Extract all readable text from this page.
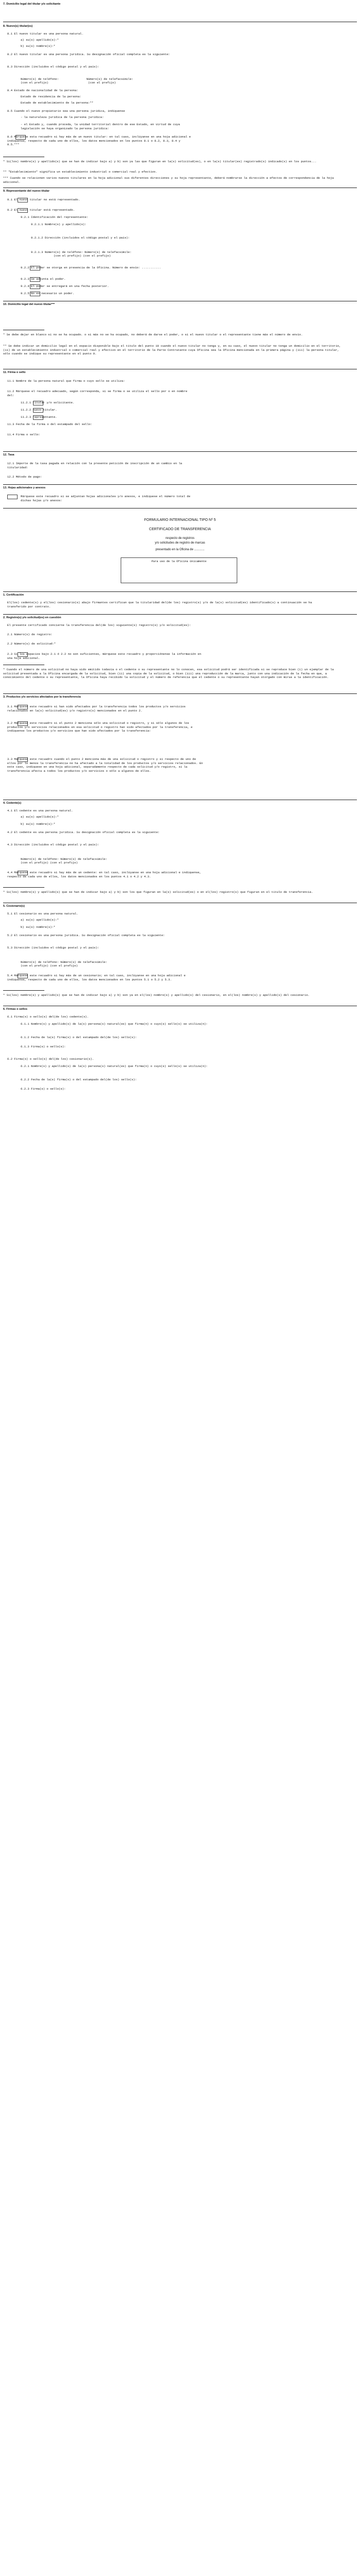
7. Domicilio legal del titular y/o solicitante
8. Nuevo(s) titular(es)
8.1 El nuevo titular es una persona natural.
a) su(s) apellido(s):*
b) su(s) nombre(s):*
8.2 El nuevo titular es una persona jurídica. Su designación oficial completa es la siguiente:
8.3 Dirección (incluidos el código postal y el país):
Número(s) de teléfono:                Número(s) de telefacsímile:
(con el prefijo)                       (con el prefijo)
8.4 Estado de nacionalidad de la persona:
Estado de residencia de la persona:
Estado de establecimiento de la persona:**
8.5 Cuando el nuevo propietario sea una persona jurídica, indíquense
- la naturaleza jurídica de la persona jurídica:
- el Estado y, cuando proceda, la unidad territorial dentro de ese Estado, en virtud de cuya legislación se haya organizado la persona jurídica:
8.6 Márquese esta recuadro si hay más de un nuevo titular: en tal caso, inclúyanse en una hoja adicional e indíquense, respecto de cada uno de ellos, los datos mencionados en los puntos 8.1 o 8.2, 8.3, 8.4 y 8.5.***
* Si(los) nombre(s) y apellido(s) que se han de indicar bajo a) y b) son ya las que figuran en la(s) solicitud(es), o en la(s) titular(es) registrado(s) indicado(s) en los puntos...
** "Establecimiento" significa un establecimiento industrial o comercial real y efectivo.
*** Cuando se relacionen varios nuevos titulares en la hoja adicional sus diferentes direcciones y su hoja representante, deberá nombrarse la dirección a efectos de correspondencia de la hoja adicional.
9. Representante del nuevo titular
9.1 El nuevo titular no está representado.
9.2 El nuevo titular está representado.
9.2.1 Identificación del representante:
9.2.1.1 Nombre(s) y apellido(s):
9.2.1.2 Dirección (incluidos el código postal y el país):
9.2.1.3 Número(s) de teléfono: Número(s) de telefacsímile:
(con el prefijo) (con el prefijo)
9.2.2 El poder se otorga en presencia de la Oficina. Número de envío: ...........
9.2.3 Se adjunta el poder.
9.2.4 El poder se entregará en una fecha posterior.
9.2.5 No es necesario un poder.
10. Domicilio legal del nuevo titular***
* Se debe dejar en blanco si no se ha ocupado. o si más no se ha ocupado, no deberá de darse el poder, o si el nuevo titular o el representante tiene más el número de envío.
** Se debe indicar un domicilio legal en el espacio disponible bajo el título del punto 10 cuando el nuevo titular no tenga y, en su caso, el nuevo titular no tenga un domicilio en el territorio, (ii) de un establecimiento industrial o comercial real y efectivo en el territorio de la Parte Contratante cuya Oficina sea la Oficina mencionada en la primera página y (iii) la persona titular, sólo cuando se indique su representante en el punto 9.
11. Firma o sello
11.1 Nombre de la persona natural que firma o cuyo sello se utiliza:
11.2 Márquese el recuadro adecuado, según corresponda, si se firma o se utiliza el sello por o en nombre del:
11.2.1 titular y/o solicitante.
11.2.2 nuevo titular.
11.2.3 representante.
11.3 Fecha de la firma o del estampado del sello:
11.4 Firma o sello:
12. Tasa
12.1 Importe de la tasa pagada en relación con la presente petición de inscripción de un cambio en la titularidad:
12.2 Método de pago:
13. Hojas adicionales y anexos
Márquese este recuadro si se adjuntan hojas adicionales y/o anexos, e indíquese el número total de dichas hojas y/o anexos:
FORMULARIO INTERNACIONAL TIPO Nº 5
CERTIFICADO DE TRANSFERENCIA
respecto de registros
y/o solicitudes de registro de marcas
presentado en la Oficina de ............
Para uso de la Oficina únicamente
1. Certificación
El(los) cedente(s) y el(los) cesionario(s) abajo firmantes certifican que la titularidad del(de los) registro(s) y/o de la(s) solicitud(es) identificado(s) a continuación se ha transferido por contrato.
2. Registro(s) y/o solicitud(es) en cuestión
El presente certificado concierne la transferencia del(de los) siguiente(s) registro(s) y/o solicitud(es):
2.1 Número(s) de registro:
2.2 Número(s) de solicitud:*
2.3 Si los espacios bajo 2.1 ó 2.2 no son suficientes, márquese este recuadro y proporciónense la información en una hoja adicional.
* Cuando el número de una solicitud no haya sido emitido todavía o el cedente o su representante no lo conocen, esa solicitud podrá ser identificada si se reproduce bien (i) un ejemplar de la solicitud presentada a la Oficina encargada de la solicitud, bien (ii) una copia de la solicitud, o bien (iii) una reproducción de la marca, junto con una indicación de la fecha en que, a conocimiento del cedente o su representante, la Oficina haya recibido la solicitud y el número de referencia que el cedente o su representante hayan otorgado con miras a la identificación.
3. Productos y/o servicios afectados por la transferencia
3.1 Márquese este recuadro si han sido afectados por la transferencia todos los productos y/o servicios relacionados en la(s) solicitud(es) y/o registro(s) mencionados en el punto 2.
3.2 Márquese este recuadro si el punto 2 menciona sólo una solicitud o registro, y si sólo algunos de los productos y/o servicios relacionados en esa solicitud o registro han sido afectados por la transferencia, e indíquense los productos y/o servicios que han sido afectados por la transferencia:
3.3 Márquese este recuadro cuando el punto 2 menciona más de una solicitud o registro y si respecto de uno de ellos por lo menos la transferencia no ha afectado a la totalidad de los productos y/o servicios relacionados. En este caso, indíquese en una hoja adicional, separadamente respecto de cada solicitud y/o registro, si la transferencia afecta a todos los productos y/o servicios o sólo a algunos de ellos.
4. Cedente(s)
4.1 El cedente es una persona natural.
a) su(s) apellido(s):*
b) su(s) nombre(s):*
4.2 El cedente es una persona jurídica. Su designación oficial completa es la siguiente:
4.3 Dirección (incluidos el código postal y el país):
Número(s) de teléfono: Número(s) de telefacsímile:
(con el prefijo) (con el prefijo)
4.4 Márquese este recuadro si hay más de un cedente: en tal caso, inclúyanse en una hoja adicional e indíquense, respecto de cada uno de ellos, los datos mencionados en los puntos 4.1 o 4.2 y 4.3.
* Si(los) nombre(s) y apellido(s) que se han de indicar bajo a) y b) son los que figuran en la(s) solicitud(es) o en el(los) registro(s) que figuran en el título de transferencia.
5. Cesionario(s)
5.1 El cesionario es una persona natural.
a) su(s) apellido(s):*
b) su(s) nombre(s):*
5.2 El cesionario es una persona jurídica. Su designación oficial completa es la siguiente:
5.3 Dirección (incluidos el código postal y el país):
Número(s) de teléfono: Número(s) de telefacsímile:
(con el prefijo) (con el prefijo)
5.4 Márquese este recuadro si hay más de un cesionario; en tal caso, inclúyanse en una hoja adicional e indíquense, respecto de cada uno de ellos, los datos mencionados en los puntos 5.1 o 5.2 y 5.3.
* Si(los) nombre(s) y apellido(s) que se han de indicar bajo a) y b) son ya en el(los) nombre(s) y apellido(s) del cesionario, en el(los) nombre(s) y apellido(s) del cesionario.
6. Firmas o sellos
6.1 Firma(s) o sello(s) del(de los) cedente(s).
6.1.1 Nombre(s) y apellido(s) de la(s) persona(s) natural(es) que firma(n) o cuyo(s) sello(s) se utiliza(n):
6.1.2 Fecha de la(s) firma(s) o del estampado del(de los) sello(s):
6.1.3 Firma(s) o sello(s):
6.2 Firma(s) o sello(s) del(de los) cesionario(s).
6.2.1 Nombre(s) y apellido(s) de la(s) persona(s) natural(es) que firma(n) o cuyo(s) sello(s) se utiliza(n):
6.2.2 Fecha de la(s) firma(s) o del estampado del(de los) sello(s):
6.2.3 Firma(s) o sello(s):
